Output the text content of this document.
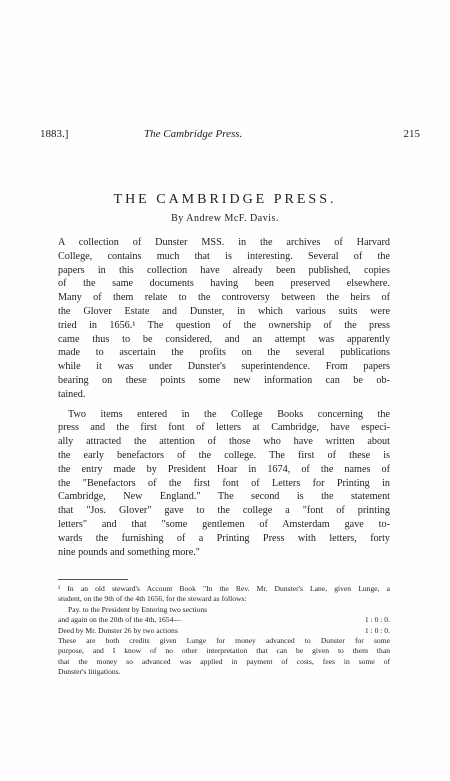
1883.]	The Cambridge Press.	215
THE CAMBRIDGE PRESS.
By Andrew McF. Davis.
A collection of Dunster MSS. in the archives of Harvard
College, contains much that is interesting. Several of the
papers in this collection have already been published, copies
of the same documents having been preserved elsewhere.
Many of them relate to the controversy between the heirs of
the Glover Estate and Dunster, in which various suits were
tried in 1656.¹ The question of the ownership of the press
came thus to be considered, and an attempt was apparently
made to ascertain the profits on the several publications
while it was under Dunster's superintendence. From papers
bearing on these points some new information can be ob-
tained.
Two items entered in the College Books concerning the
press and the first font of letters at Cambridge, have especi-
ally attracted the attention of those who have written about
the early benefactors of the college. The first of these is
the entry made by President Hoar in 1674, of the names of
the "Benefactors of the first font of Letters for Printing in
Cambridge, New England." The second is the statement
that "Jos. Glover" gave to the college a "font of printing
letters" and that "some gentlemen of Amsterdam gave to-
wards the furnishing of a Printing Press with letters, forty
nine pounds and something more."
¹ In an old steward's Account Book "In the Rev. Mr. Dunster's Lane, given Lunge, a
student, on the 9th of the 4th 1656, for the steward as follows:
Pay. to the President by Entering two sections
and again on the 20th of the 4th, 1654—	1 : 0 : 0.
Deed by Mr. Dunster 26 by two actions	1 : 0 : 0.
These are both credits given Lunge for money advanced to Dunster for some
purpose, and I know of no other interpretation that can be given to them than
that the money so advanced was applied in payment of costs, fees in some of
Dunster's litigations.
